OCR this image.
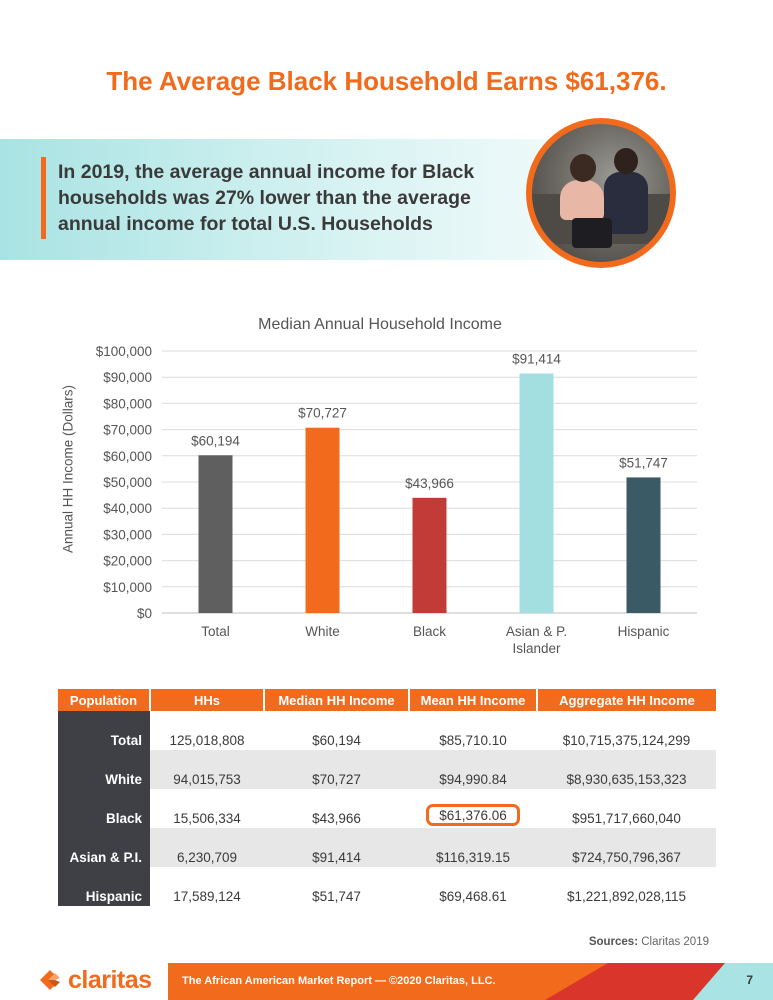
The Average Black Household Earns $61,376.
In 2019, the average annual income for Black households was 27% lower than the average annual income for total U.S. Households
Median Annual Household Income
Annual HH Income (Dollars)
$0
$10,000
$20,000
$30,000
$40,000
$50,000
$60,000
$70,000
$80,000
$90,000
$100,000
$60,194
Total
$70,727
White
$43,966
Black
$91,414
Asian & P.
Islander
$51,747
Hispanic
Population	HHs	Median HH Income	Mean HH Income	Aggregate HH Income
Total	125,018,808	$60,194	$85,710.10	$10,715,375,124,299
White	94,015,753	$70,727	$94,990.84	$8,930,635,153,323
Black	15,506,334	$43,966	$61,376.06	$951,717,660,040
Asian & P.I.	6,230,709	$91,414	$116,319.15	$724,750,796,367
Hispanic	17,589,124	$51,747	$69,468.61	$1,221,892,028,115
Sources: Claritas 2019
claritas	The African American Market Report — ©2020 Claritas, LLC.	7
